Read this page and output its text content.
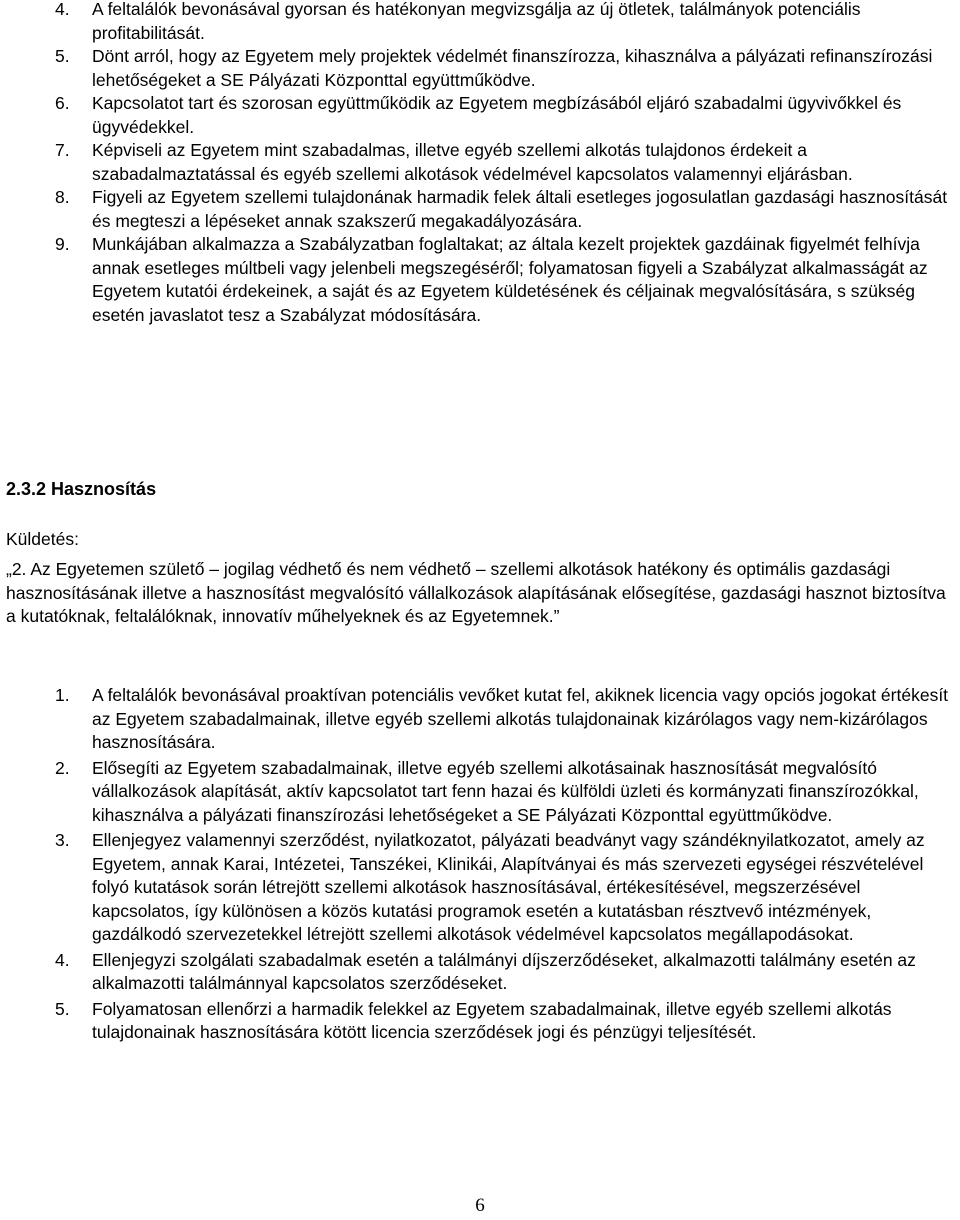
4. A feltalálók bevonásával gyorsan és hatékonyan megvizsgálja az új ötletek, találmányok potenciális profitabilitását.
5. Dönt arról, hogy az Egyetem mely projektek védelmét finanszírozza, kihasználva a pályázati refinanszírozási lehetőségeket a SE Pályázati Központtal együttműködve.
6. Kapcsolatot tart és szorosan együttműködik az Egyetem megbízásából eljáró szabadalmi ügyvivőkkel és ügyvédekkel.
7. Képviseli az Egyetem mint szabadalmas, illetve egyéb szellemi alkotás tulajdonos érdekeit a szabadalmaztatással és egyéb szellemi alkotások védelmével kapcsolatos valamennyi eljárásban.
8. Figyeli az Egyetem szellemi tulajdonának harmadik felek általi esetleges jogosulatlan gazdasági hasznosítását és megteszi a lépéseket annak szakszerű megakadályozására.
9. Munkájában alkalmazza a Szabályzatban foglaltakat; az általa kezelt projektek gazdáinak figyelmét felhívja annak esetleges múltbeli vagy jelenbeli megszegéséről; folyamatosan figyeli a Szabályzat alkalmasságát az Egyetem kutatói érdekeinek, a saját és az Egyetem küldetésének és céljainak megvalósítására, s szükség esetén javaslatot tesz a Szabályzat módosítására.
2.3.2 Hasznosítás
Küldetés:

„2. Az Egyetemen születő – jogilag védhető és nem védhető – szellemi alkotások hatékony és optimális gazdasági hasznosításának illetve a hasznosítást megvalósító vállalkozások alapításának elősegítése, gazdasági hasznot biztosítva a kutatóknak, feltalálóknak, innovatív műhelyeknek és az Egyetemnek.”

1. A feltalálók bevonásával proaktívan potenciális vevőket kutat fel, akiknek licencia vagy opciós jogokat értékesít az Egyetem szabadalmainak, illetve egyéb szellemi alkotás tulajdonainak kizárólagos vagy nem-kizárólagos hasznosítására.
2. Elősegíti az Egyetem szabadalmainak, illetve egyéb szellemi alkotásainak hasznosítását megvalósító vállalkozások alapítását, aktív kapcsolatot tart fenn hazai és külföldi üzleti és kormányzati finanszírozókkal, kihasználva a pályázati finanszírozási lehetőségeket a SE Pályázati Központtal együttműködve.
3. Ellenjegyez valamennyi szerződést, nyilatkozatot, pályázati beadványt vagy szándéknyilatkozatot, amely az Egyetem, annak Karai, Intézetei, Tanszékei, Klinikái, Alapítványai és más szervezeti egységei részvételével folyó kutatások során létrejött szellemi alkotások hasznosításával, értékesítésével, megszerzésével kapcsolatos, így különösen a közös kutatási programok esetén a kutatásban résztvevő intézmények, gazdálkodó szervezetekkel létrejött szellemi alkotások védelmével kapcsolatos megállapodásokat.
4. Ellenjegyzi szolgálati szabadalmak esetén a találmányi díjszerződéseket, alkalmazotti találmány esetén az alkalmazotti találmánnyal kapcsolatos szerződéseket.
5. Folyamatosan ellenőrzi a harmadik felekkel az Egyetem szabadalmainak, illetve egyéb szellemi alkotás tulajdonainak hasznosítására kötött licencia szerződések jogi és pénzügyi teljesítését.
6
